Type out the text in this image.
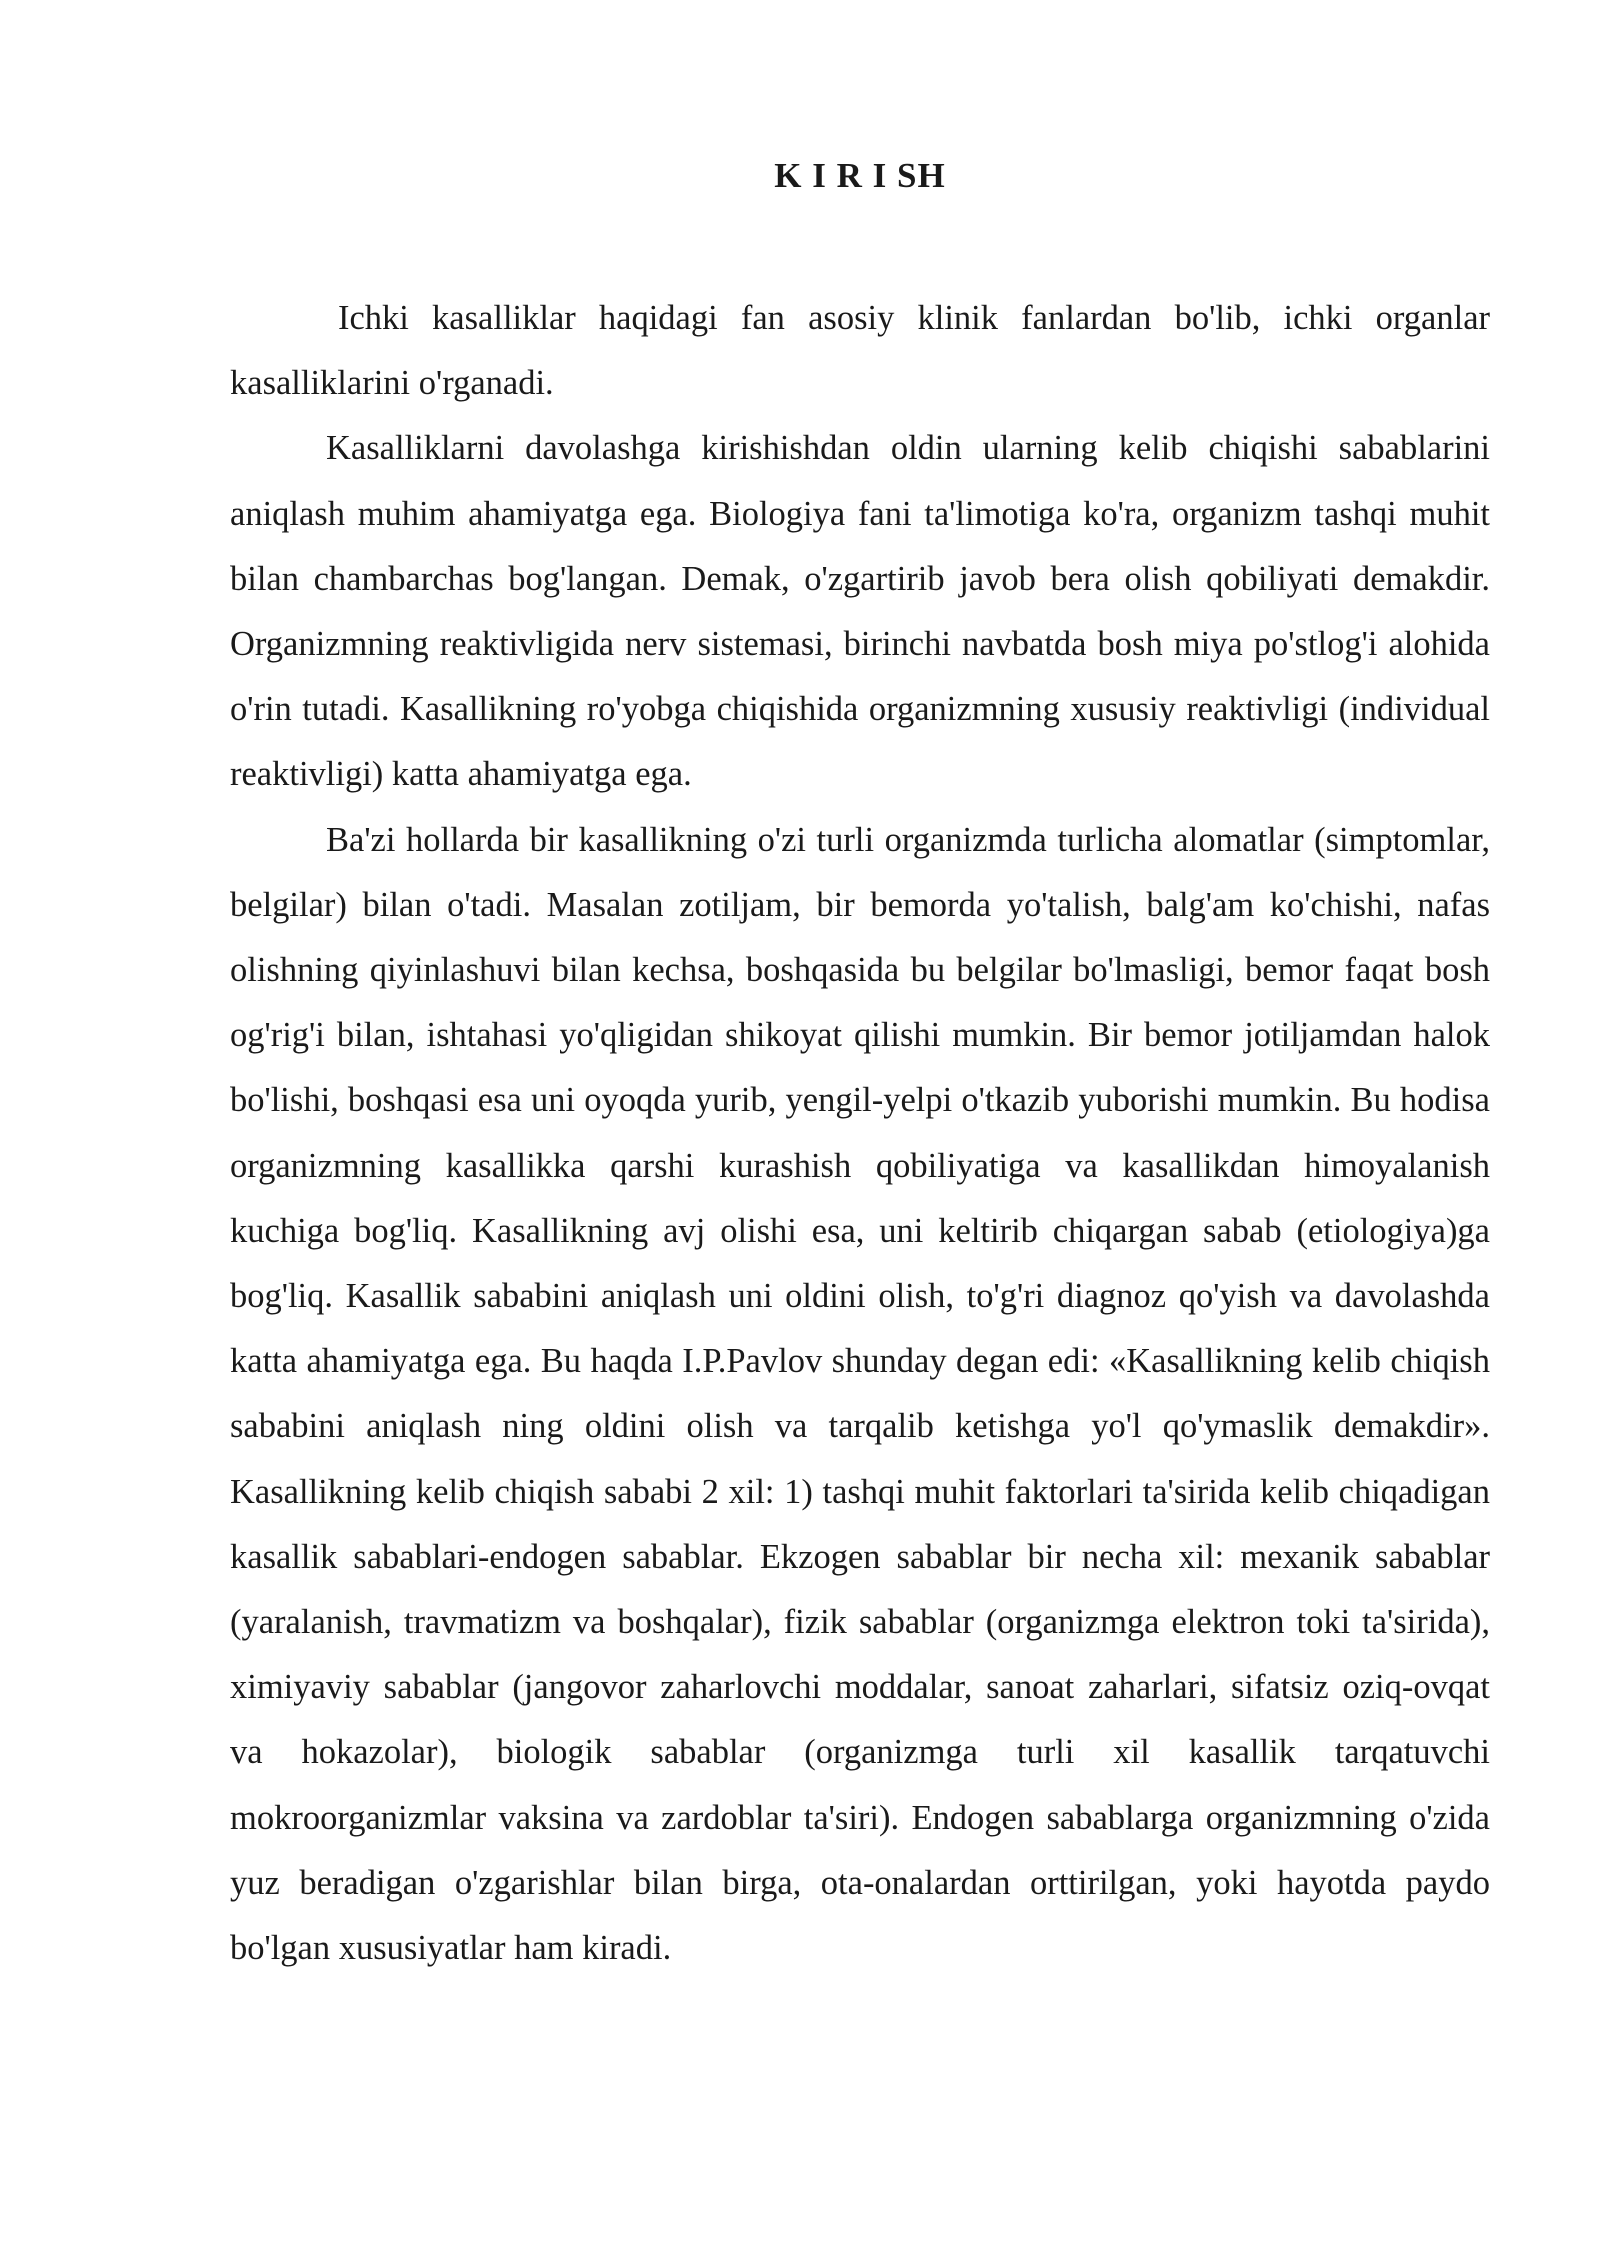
K I R I SH

Ichki kasalliklar haqidagi fan asosiy klinik fanlardan bo'lib, ichki organlar kasalliklarini o'rganadi.

Kasalliklarni davolashga kirishishdan oldin ularning kelib chiqishi sabablarini aniqlash muhim ahamiyatga ega. Biologiya fani ta'limotiga ko'ra, organizm tashqi muhit bilan chambarchas bog'langan. Demak, o'zgartirib javob bera olish qobiliyati demakdir. Organizmning reaktivligida nerv sistemasi, birinchi navbatda bosh miya po'stlog'i alohida o'rin tutadi. Kasallikning ro'yobga chiqishida organizmning xususiy reaktivligi (individual reaktivligi) katta ahamiyatga ega.

Ba'zi hollarda bir kasallikning o'zi turli organizmda turlicha alomatlar (simptomlar, belgilar) bilan o'tadi. Masalan zotiljam, bir bemorda yo'talish, balg'am ko'chishi, nafas olishning qiyinlashuvi bilan kechsa, boshqasida bu belgilar bo'lmasligi, bemor faqat bosh og'rig'i bilan, ishtahasi yo'qligidan shikoyat qilishi mumkin. Bir bemor jotiljamdan halok bo'lishi, boshqasi esa uni oyoqda yurib, yengil-yelpi o'tkazib yuborishi mumkin. Bu hodisa organizmning kasallikka qarshi kurashish qobiliyatiga va kasallikdan himoyalanish kuchiga bog'liq. Kasallikning avj olishi esa, uni keltirib chiqargan sabab (etiologiya)ga bog'liq. Kasallik sababini aniqlash uni oldini olish, to'g'ri diagnoz qo'yish va davolashda katta ahamiyatga ega. Bu haqda I.P.Pavlov shunday degan edi: «Kasallikning kelib chiqish sababini aniqlash ning oldini olish va tarqalib ketishga yo'l qo'ymaslik demakdir». Kasallikning kelib chiqish sababi 2 xil: 1) tashqi muhit faktorlari ta'sirida kelib chiqadigan kasallik sabablari-endogen sabablar. Ekzogen sabablar bir necha xil: mexanik sabablar (yaralanish, travmatizm va boshqalar), fizik sabablar (organizmga elektron toki ta'sirida), ximiyaviy sabablar (jangovor zaharlovchi moddalar, sanoat zaharlari, sifatsiz oziq-ovqat va hokazolar), biologik sabablar (organizmga turli xil kasallik tarqatuvchi mokroorganizmlar vaksina va zardoblar ta'siri). Endogen sabablarga organizmning o'zida yuz beradigan o'zgarishlar bilan birga, ota-onalardan orttirilgan, yoki hayotda paydo bo'lgan xususiyatlar ham kiradi.
